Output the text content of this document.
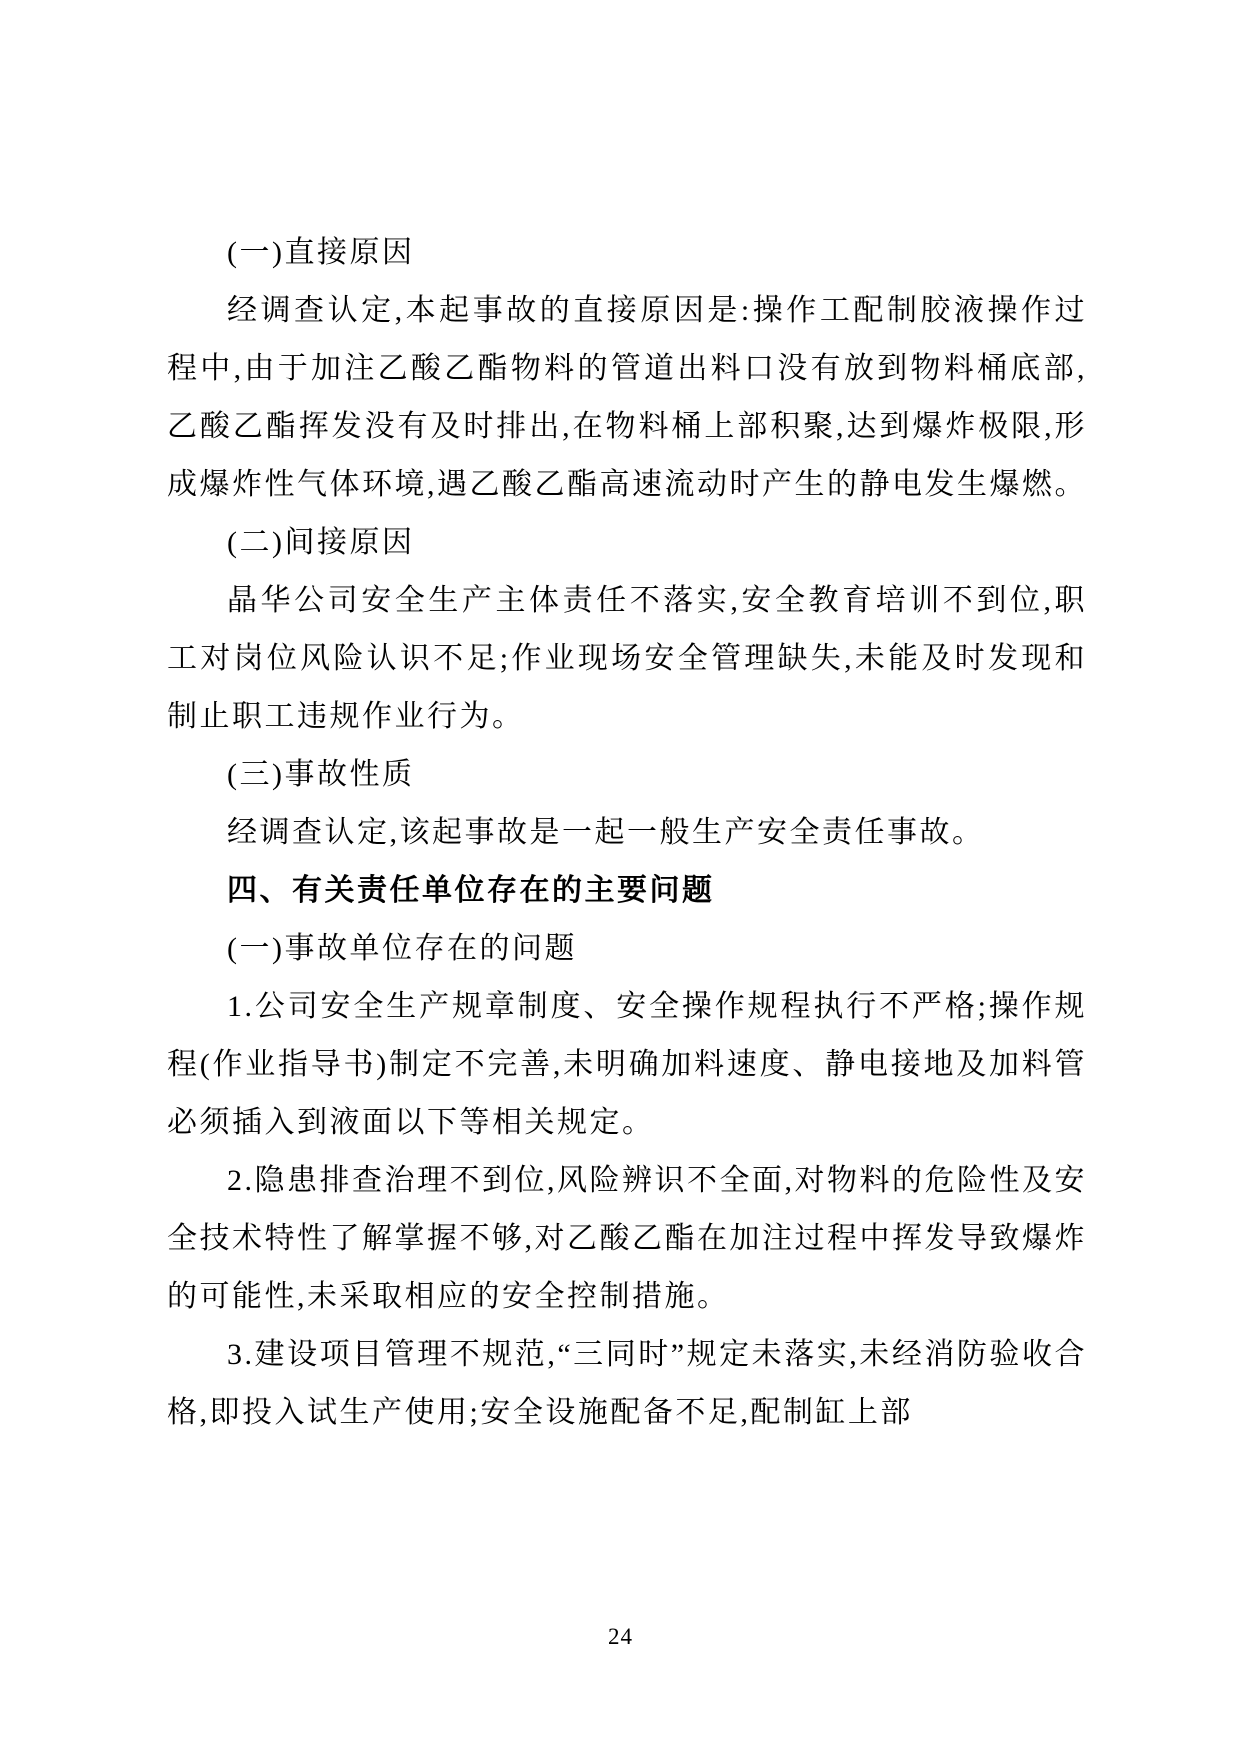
(一)直接原因

经调查认定,本起事故的直接原因是:操作工配制胶液操作过程中,由于加注乙酸乙酯物料的管道出料口没有放到物料桶底部,乙酸乙酯挥发没有及时排出,在物料桶上部积聚,达到爆炸极限,形成爆炸性气体环境,遇乙酸乙酯高速流动时产生的静电发生爆燃。

(二)间接原因

晶华公司安全生产主体责任不落实,安全教育培训不到位,职工对岗位风险认识不足;作业现场安全管理缺失,未能及时发现和制止职工违规作业行为。

(三)事故性质

经调查认定,该起事故是一起一般生产安全责任事故。

四、有关责任单位存在的主要问题

(一)事故单位存在的问题

1.公司安全生产规章制度、安全操作规程执行不严格;操作规程(作业指导书)制定不完善,未明确加料速度、静电接地及加料管必须插入到液面以下等相关规定。

2.隐患排查治理不到位,风险辨识不全面,对物料的危险性及安全技术特性了解掌握不够,对乙酸乙酯在加注过程中挥发导致爆炸的可能性,未采取相应的安全控制措施。

3.建设项目管理不规范,“三同时”规定未落实,未经消防验收合格,即投入试生产使用;安全设施配备不足,配制缸上部

24
